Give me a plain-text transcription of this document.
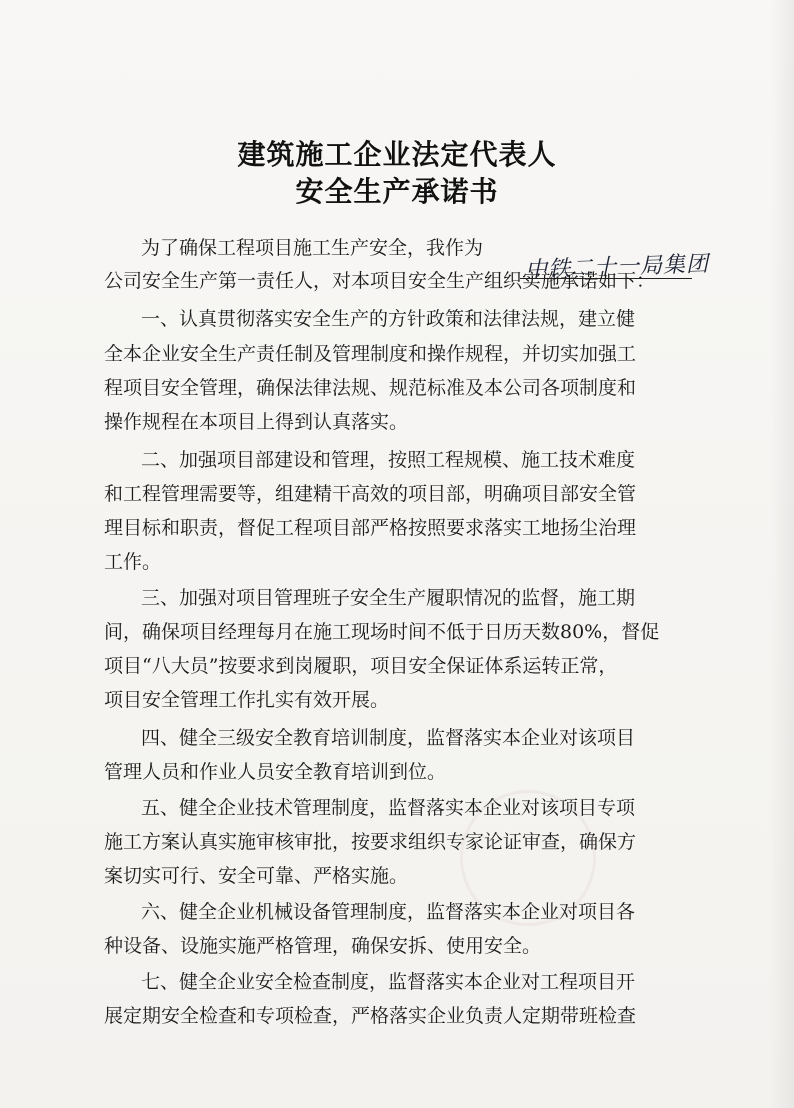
建筑施工企业法定代表人
安全生产承诺书
为了确保工程项目施工生产安全，我作为
中铁二十一局集团
公司安全生产第一责任人，对本项目安全生产组织实施承诺如下：
一、认真贯彻落实安全生产的方针政策和法律法规，建立健
全本企业安全生产责任制及管理制度和操作规程，并切实加强工
程项目安全管理，确保法律法规、规范标准及本公司各项制度和
操作规程在本项目上得到认真落实。
二、加强项目部建设和管理，按照工程规模、施工技术难度
和工程管理需要等，组建精干高效的项目部，明确项目部安全管
理目标和职责，督促工程项目部严格按照要求落实工地扬尘治理
工作。
三、加强对项目管理班子安全生产履职情况的监督，施工期
间，确保项目经理每月在施工现场时间不低于日历天数80%，督促
项目“八大员”按要求到岗履职，项目安全保证体系运转正常，
项目安全管理工作扎实有效开展。
四、健全三级安全教育培训制度，监督落实本企业对该项目
管理人员和作业人员安全教育培训到位。
五、健全企业技术管理制度，监督落实本企业对该项目专项
施工方案认真实施审核审批，按要求组织专家论证审查，确保方
案切实可行、安全可靠、严格实施。
六、健全企业机械设备管理制度，监督落实本企业对项目各
种设备、设施实施严格管理，确保安拆、使用安全。
七、健全企业安全检查制度，监督落实本企业对工程项目开
展定期安全检查和专项检查，严格落实企业负责人定期带班检查
